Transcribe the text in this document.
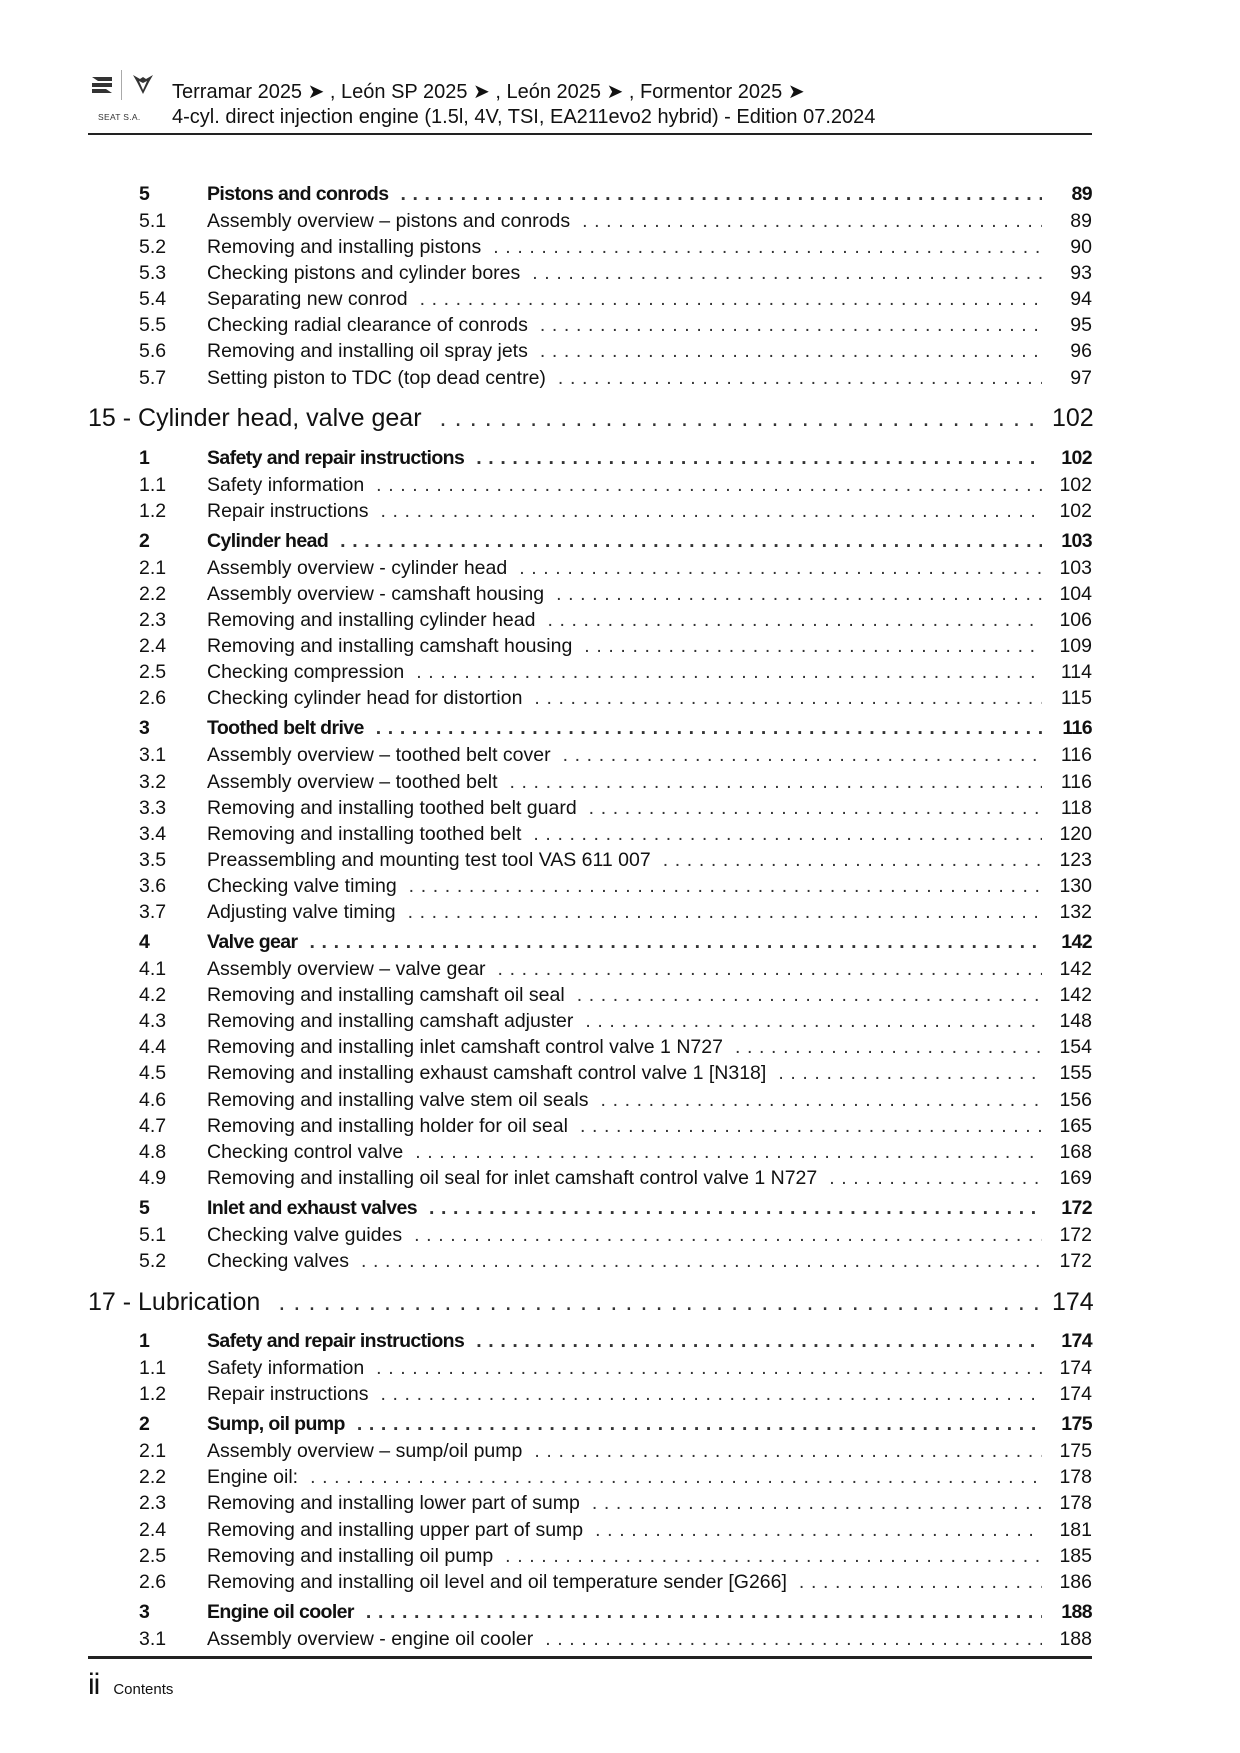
SEAT S.A.
Terramar 2025 ➤ , León SP 2025 ➤ , León 2025 ➤ , Formentor 2025 ➤
4-cyl. direct injection engine (1.5l, 4V, TSI, EA211evo2 hybrid) - Edition 07.2024
5	Pistons and conrods . . .	89
5.1	Assembly overview – pistons and conrods . . .	89
5.2	Removing and installing pistons . . .	90
5.3	Checking pistons and cylinder bores . . .	93
5.4	Separating new conrod . . .	94
5.5	Checking radial clearance of conrods . . .	95
5.6	Removing and installing oil spray jets . . .	96
5.7	Setting piston to TDC (top dead centre) . . .	97
15 - Cylinder head, valve gear . . .	102
1	Safety and repair instructions . . .	102
1.1	Safety information . . .	102
1.2	Repair instructions . . .	102
2	Cylinder head . . .	103
2.1	Assembly overview - cylinder head . . .	103
2.2	Assembly overview - camshaft housing . . .	104
2.3	Removing and installing cylinder head . . .	106
2.4	Removing and installing camshaft housing . . .	109
2.5	Checking compression . . .	114
2.6	Checking cylinder head for distortion . . .	115
3	Toothed belt drive . . .	116
3.1	Assembly overview – toothed belt cover . . .	116
3.2	Assembly overview – toothed belt . . .	116
3.3	Removing and installing toothed belt guard . . .	118
3.4	Removing and installing toothed belt . . .	120
3.5	Preassembling and mounting test tool VAS 611 007 . . .	123
3.6	Checking valve timing . . .	130
3.7	Adjusting valve timing . . .	132
4	Valve gear . . .	142
4.1	Assembly overview – valve gear . . .	142
4.2	Removing and installing camshaft oil seal . . .	142
4.3	Removing and installing camshaft adjuster . . .	148
4.4	Removing and installing inlet camshaft control valve 1 N727 . . .	154
4.5	Removing and installing exhaust camshaft control valve 1 [N318] . . .	155
4.6	Removing and installing valve stem oil seals . . .	156
4.7	Removing and installing holder for oil seal . . .	165
4.8	Checking control valve . . .	168
4.9	Removing and installing oil seal for inlet camshaft control valve 1 N727 . . .	169
5	Inlet and exhaust valves . . .	172
5.1	Checking valve guides . . .	172
5.2	Checking valves . . .	172
17 - Lubrication . . .	174
1	Safety and repair instructions . . .	174
1.1	Safety information . . .	174
1.2	Repair instructions . . .	174
2	Sump, oil pump . . .	175
2.1	Assembly overview – sump/oil pump . . .	175
2.2	Engine oil: . . .	178
2.3	Removing and installing lower part of sump . . .	178
2.4	Removing and installing upper part of sump . . .	181
2.5	Removing and installing oil pump . . .	185
2.6	Removing and installing oil level and oil temperature sender [G266] . . .	186
3	Engine oil cooler . . .	188
3.1	Assembly overview - engine oil cooler . . .	188
ii Contents
